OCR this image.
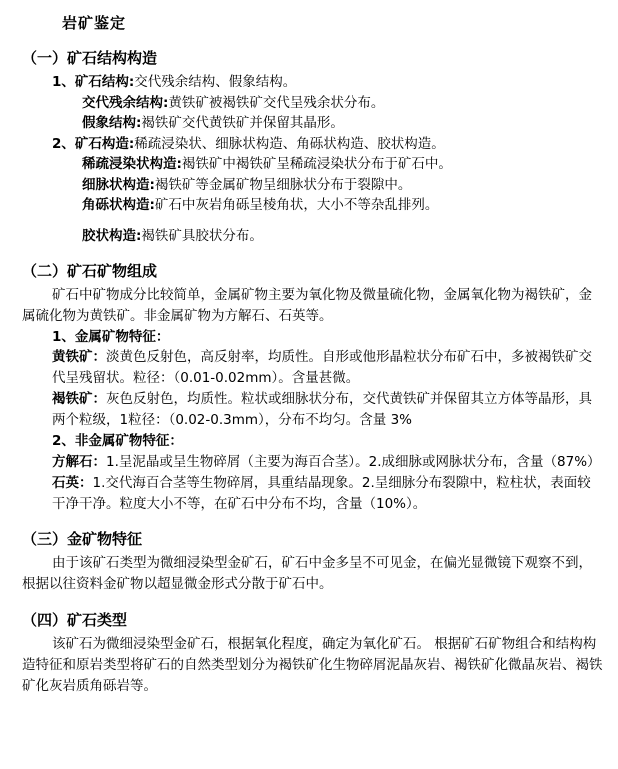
岩矿鉴定
（一）矿石结构构造
1、矿石结构:交代残余结构、假象结构。
交代残余结构:黄铁矿被褐铁矿交代呈残余状分布。
假象结构:褐铁矿交代黄铁矿并保留其晶形。
2、矿石构造:稀疏浸染状、细脉状构造、角砾状构造、胶状构造。
稀疏浸染状构造:褐铁矿中褐铁矿呈稀疏浸染状分布于矿石中。
细脉状构造:褐铁矿等金属矿物呈细脉状分布于裂隙中。
角砾状构造:矿石中灰岩角砾呈棱角状，大小不等杂乱排列。
胶状构造:褐铁矿具胶状分布。
（二）矿石矿物组成
矿石中矿物成分比较简单，金属矿物主要为氧化物及微量硫化物，金属氧化物为褐铁矿，金属硫化物为黄铁矿。非金属矿物为方解石、石英等。
1、金属矿物特征：
黄铁矿：淡黄色反射色，高反射率，均质性。自形或他形晶粒状分布矿石中，多被褐铁矿交代呈残留状。粒径：（0.01-0.02mm）。含量甚微。
褐铁矿：灰色反射色，均质性。粒状或细脉状分布，交代黄铁矿并保留其立方体等晶形，具两个粒级，1粒径：（0.02-0.3mm），分布不均匀。含量 3%
2、非金属矿物特征：
方解石：1.呈泥晶或呈生物碎屑（主要为海百合茎）。2.成细脉或网脉状分布，含量（87%）
石英：1.交代海百合茎等生物碎屑，具重结晶现象。2.呈细脉分布裂隙中，粒柱状，表面较干净干净。粒度大小不等，在矿石中分布不均，含量（10%）。
（三）金矿物特征
由于该矿石类型为微细浸染型金矿石，矿石中金多呈不可见金，在偏光显微镜下观察不到，根据以往资料金矿物以超显微金形式分散于矿石中。
（四）矿石类型
该矿石为微细浸染型金矿石，根据氧化程度，确定为氧化矿石。 根据矿石矿物组合和结构构造特征和原岩类型将矿石的自然类型划分为褐铁矿化生物碎屑泥晶灰岩、褐铁矿化微晶灰岩、褐铁矿化灰岩质角砾岩等。
